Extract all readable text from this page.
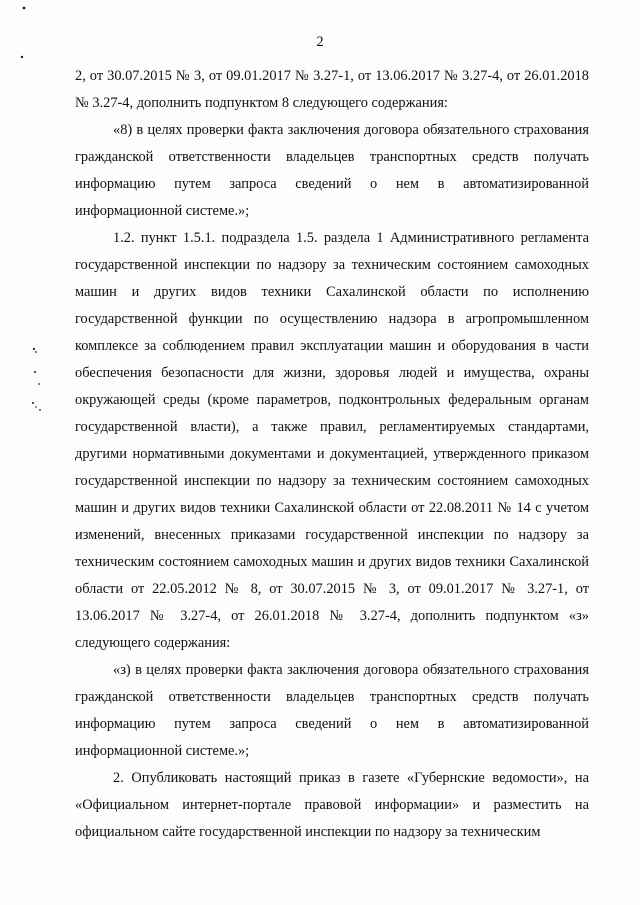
2

2, от 30.07.2015 № 3, от 09.01.2017 № 3.27-1, от 13.06.2017 № 3.27-4, от 26.01.2018 № 3.27-4, дополнить подпунктом 8 следующего содержания:

«8) в целях проверки факта заключения договора обязательного страхования гражданской ответственности владельцев транспортных средств получать информацию путем запроса сведений о нем в автоматизированной информационной системе.»;

1.2. пункт 1.5.1. подраздела 1.5. раздела 1 Административного регламента государственной инспекции по надзору за техническим состоянием самоходных машин и других видов техники Сахалинской области по исполнению государственной функции по осуществлению надзора в агропромышленном комплексе за соблюдением правил эксплуатации машин и оборудования в части обеспечения безопасности для жизни, здоровья людей и имущества, охраны окружающей среды (кроме параметров, подконтрольных федеральным органам государственной власти), а также правил, регламентируемых стандартами, другими нормативными документами и документацией, утвержденного приказом государственной инспекции по надзору за техническим состоянием самоходных машин и других видов техники Сахалинской области от 22.08.2011 № 14 с учетом изменений, внесенных приказами государственной инспекции по надзору за техническим состоянием самоходных машин и других видов техники Сахалинской области от 22.05.2012 № 8, от 30.07.2015 № 3, от 09.01.2017 № 3.27-1, от 13.06.2017 № 3.27-4, от 26.01.2018 № 3.27-4, дополнить подпунктом «з» следующего содержания:

«з) в целях проверки факта заключения договора обязательного страхования гражданской ответственности владельцев транспортных средств получать информацию путем запроса сведений о нем в автоматизированной информационной системе.»;

2. Опубликовать настоящий приказ в газете «Губернские ведомости», на «Официальном интернет-портале правовой информации» и разместить на официальном сайте государственной инспекции по надзору за техническим
